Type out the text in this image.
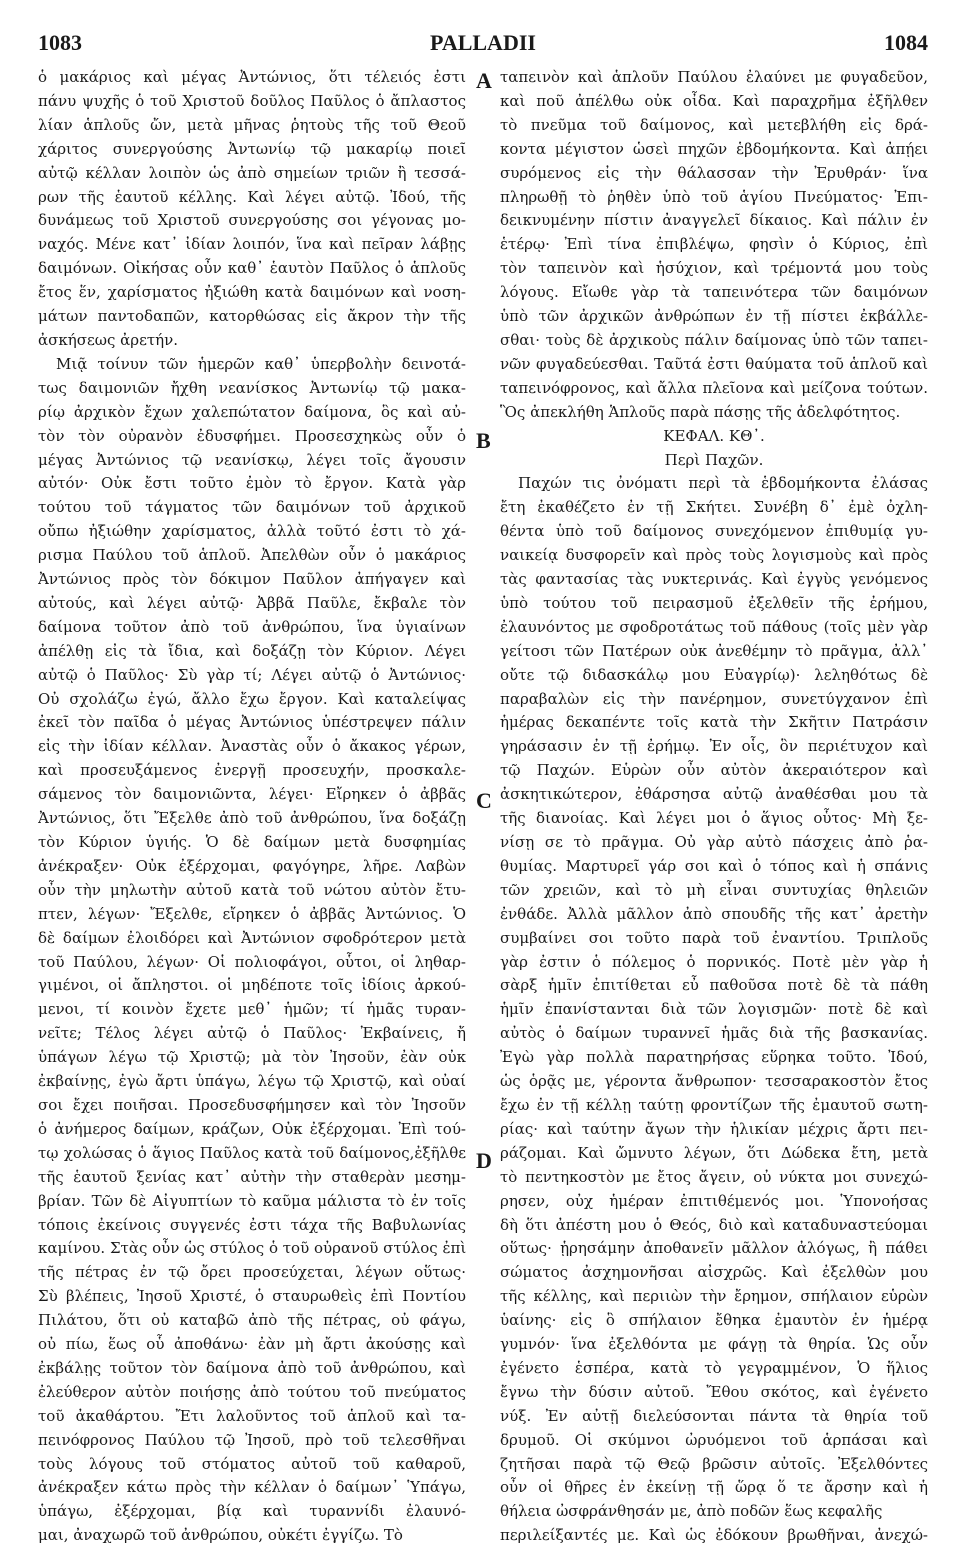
1083	PALLADII	1084
ὁ μακάριος καὶ μέγας Ἀντώνιος, ὅτι τέλειός ἐστι
πάνυ ψυχῆς ὁ τοῦ Χριστοῦ δοῦλος Παῦλος ὁ ἄπλαστος
λίαν ἁπλοῦς ὤν, μετὰ μῆνας ῥητοὺς τῆς τοῦ Θεοῦ
χάριτος συνεργούσης Ἀντωνίῳ τῷ μακαρίῳ ποιεῖ
αὐτῷ κέλλαν λοιπὸν ὡς ἀπὸ σημείων τριῶν ἢ τεσσά-
ρων τῆς ἑαυτοῦ κέλλης. Καὶ λέγει αὐτῷ. Ἰδού, τῆς
δυνάμεως τοῦ Χριστοῦ συνεργούσης σοι γέγονας μο-
ναχός. Μένε κατ᾽ ἰδίαν λοιπόν, ἵνα καὶ πεῖραν λάβῃς
δαιμόνων. Οἰκήσας οὖν καθ᾽ ἑαυτὸν Παῦλος ὁ ἁπλοῦς
ἔτος ἕν, χαρίσματος ἠξιώθη κατὰ δαιμόνων καὶ νοση-
μάτων παντοδαπῶν, κατορθώσας εἰς ἄκρον τὴν τῆς
ἀσκήσεως ἀρετήν.
Μιᾷ τοίνυν τῶν ἡμερῶν καθ᾽ ὑπερβολὴν δεινοτά-
τως δαιμονιῶν ἤχθη νεανίσκος Ἀντωνίῳ τῷ μακα-
ρίῳ ἀρχικὸν ἔχων χαλεπώτατον δαίμονα, ὃς καὶ αὐ-
τὸν τὸν οὐρανὸν ἐδυσφήμει. Προσεσχηκὼς οὖν ὁ
μέγας Ἀντώνιος τῷ νεανίσκῳ, λέγει τοῖς ἄγουσιν
αὐτόν· Οὐκ ἔστι τοῦτο ἐμὸν τὸ ἔργον. Κατὰ γὰρ
τούτου τοῦ τάγματος τῶν δαιμόνων τοῦ ἀρχικοῦ
οὔπω ἠξιώθην χαρίσματος, ἀλλὰ τοῦτό ἐστι τὸ χά-
ρισμα Παύλου τοῦ ἁπλοῦ. Ἀπελθὼν οὖν ὁ μακάριος
Ἀντώνιος πρὸς τὸν δόκιμον Παῦλον ἀπήγαγεν καὶ
αὐτούς, καὶ λέγει αὐτῷ· Ἀββᾶ Παῦλε, ἔκβαλε τὸν
δαίμονα τοῦτον ἀπὸ τοῦ ἀνθρώπου, ἵνα ὑγιαίνων
ἀπέλθῃ εἰς τὰ ἴδια, καὶ δοξάζῃ τὸν Κύριον. Λέγει
αὐτῷ ὁ Παῦλος· Σὺ γὰρ τί; Λέγει αὐτῷ ὁ Ἀντώνιος·
Οὐ σχολάζω ἐγώ, ἄλλο ἔχω ἔργον. Καὶ καταλείψας
ἐκεῖ τὸν παῖδα ὁ μέγας Ἀντώνιος ὑπέστρεψεν πάλιν
εἰς τὴν ἰδίαν κέλλαν. Ἀναστὰς οὖν ὁ ἄκακος γέρων,
καὶ προσευξάμενος ἐνεργῇ προσευχήν, προσκαλε-
σάμενος τὸν δαιμονιῶντα, λέγει· Εἴρηκεν ὁ ἀββᾶς
Ἀντώνιος, ὅτι Ἔξελθε ἀπὸ τοῦ ἀνθρώπου, ἵνα δοξάζῃ
τὸν Κύριον ὑγιής. Ὁ δὲ δαίμων μετὰ δυσφημίας
ἀνέκραξεν· Οὐκ ἐξέρχομαι, φαγόγηρε, λῆρε. Λαβὼν
οὖν τὴν μηλωτὴν αὐτοῦ κατὰ τοῦ νώτου αὐτὸν ἔτυ-
πτεν, λέγων· Ἔξελθε, εἴρηκεν ὁ ἀββᾶς Ἀντώνιος. Ὁ
δὲ δαίμων ἐλοιδόρει καὶ Ἀντώνιον σφοδρότερον μετὰ
τοῦ Παύλου, λέγων· Οἱ πολιοφάγοι, οὗτοι, οἱ ληθαρ-
γιμένοι, οἱ ἄπληστοι. οἱ μηδέποτε τοῖς ἰδίοις ἀρκού-
μενοι, τί κοινὸν ἔχετε μεθ᾽ ἡμῶν; τί ἡμᾶς τυραν-
νεῖτε; Τέλος λέγει αὐτῷ ὁ Παῦλος· Ἐκβαίνεις, ἤ
ὑπάγων λέγω τῷ Χριστῷ; μὰ τὸν Ἰησοῦν, ἐὰν οὐκ
ἐκβαίνῃς, ἐγὼ ἄρτι ὑπάγω, λέγω τῷ Χριστῷ, καὶ οὐαί
σοι ἔχει ποιῆσαι. Προσεδυσφήμησεν καὶ τὸν Ἰησοῦν
ὁ ἀνήμερος δαίμων, κράζων, Οὐκ ἐξέρχομαι. Ἐπὶ τού-
τῳ χολώσας ὁ ἅγιος Παῦλος κατὰ τοῦ δαίμονος,ἐξῆλθε
τῆς ἑαυτοῦ ξενίας κατ᾽ αὐτὴν τὴν σταθερὰν μεσημ-
βρίαν. Τῶν δὲ Αἰγυπτίων τὸ καῦμα μάλιστα τὸ ἐν τοῖς
τόποις ἐκείνοις συγγενές ἐστι τάχα τῆς Βαβυλωνίας
καμίνου. Στὰς οὖν ὡς στύλος ὁ τοῦ οὐρανοῦ στύλος ἐπὶ
τῆς πέτρας ἐν τῷ ὄρει προσεύχεται, λέγων οὕτως·
Σὺ βλέπεις, Ἰησοῦ Χριστέ, ὁ σταυρωθεὶς ἐπὶ Ποντίου
Πιλάτου, ὅτι οὐ καταβῶ ἀπὸ τῆς πέτρας, οὐ φάγω,
οὐ πίω, ἕως οὗ ἀποθάνω· ἐὰν μὴ ἄρτι ἀκούσῃς καὶ
ἐκβάλῃς τοῦτον τὸν δαίμονα ἀπὸ τοῦ ἀνθρώπου, καὶ
ἐλεύθερον αὐτὸν ποιήσῃς ἀπὸ τούτου τοῦ πνεύματος
τοῦ ἀκαθάρτου. Ἔτι λαλοῦντος τοῦ ἁπλοῦ καὶ τα-
πεινόφρονος Παύλου τῷ Ἰησοῦ, πρὸ τοῦ τελεσθῆναι
τοὺς λόγους τοῦ στόματος αὐτοῦ τοῦ καθαροῦ,
ἀνέκραξεν κάτω πρὸς τὴν κέλλαν ὁ δαίμων᾽ Ὑπάγω,
ὑπάγω, ἐξέρχομαι, βίᾳ καὶ τυραννίδι ἐλαυνό-
μαι, ἀναχωρῶ τοῦ ἀνθρώπου, οὐκέτι ἐγγίζω. Τὸ
ταπεινὸν καὶ ἁπλοῦν Παύλου ἐλαύνει με φυγαδεῦον,
καὶ ποῦ ἀπέλθω οὐκ οἶδα. Καὶ παραχρῆμα ἐξῆλθεν
τὸ πνεῦμα τοῦ δαίμονος, καὶ μετεβλήθη εἰς δρά-
κοντα μέγιστον ὡσεὶ πηχῶν ἑβδομήκοντα. Καὶ ἀπῄει
συρόμενος εἰς τὴν θάλασσαν τὴν Ἐρυθράν· ἵνα
πληρωθῇ τὸ ῥηθὲν ὑπὸ τοῦ ἁγίου Πνεύματος· Ἐπι-
δεικνυμένην πίστιν ἀναγγελεῖ δίκαιος. Καὶ πάλιν ἐν
ἑτέρῳ· Ἐπὶ τίνα ἐπιβλέψω, φησὶν ὁ Κύριος, ἐπὶ
τὸν ταπεινὸν καὶ ἡσύχιον, καὶ τρέμοντά μου τοὺς
λόγους. Εἴωθε γὰρ τὰ ταπεινότερα τῶν δαιμόνων
ὑπὸ τῶν ἀρχικῶν ἀνθρώπων ἐν τῇ πίστει ἐκβάλλε-
σθαι· τοὺς δὲ ἀρχικοὺς πάλιν δαίμονας ὑπὸ τῶν ταπει-
νῶν φυγαδεύεσθαι. Ταῦτά ἐστι θαύματα τοῦ ἁπλοῦ καὶ
ταπεινόφρονος, καὶ ἄλλα πλεῖονα καὶ μείζονα τούτων.
Ὃς ἀπεκλήθη Ἁπλοῦς παρὰ πάσῃς τῆς ἀδελφότητος.
ΚΕΦΑΛ. ΚΘ᾽.
Περὶ Παχῶν.
Παχών τις ὀνόματι περὶ τὰ ἑβδομήκοντα ἐλάσας
ἔτη ἐκαθέζετο ἐν τῇ Σκήτει. Συνέβη δ᾽ ἐμὲ ὀχλη-
θέντα ὑπὸ τοῦ δαίμονος συνεχόμενον ἐπιθυμίᾳ γυ-
ναικείᾳ δυσφορεῖν καὶ πρὸς τοὺς λογισμοὺς καὶ πρὸς
τὰς φαντασίας τὰς νυκτερινάς. Καὶ ἐγγὺς γενόμενος
ὑπὸ τούτου τοῦ πειρασμοῦ ἐξελθεῖν τῆς ἐρήμου,
ἐλαυνόντος με σφοδροτάτως τοῦ πάθους (τοῖς μὲν γὰρ
γείτοσι τῶν Πατέρων οὐκ ἀνεθέμην τὸ πρᾶγμα, ἀλλ᾽
οὔτε τῷ διδασκάλῳ μου Εὐαγρίῳ)· λεληθότως δὲ
παραβαλὼν εἰς τὴν πανέρημον, συνετύγχανον ἐπὶ
ἡμέρας δεκαπέντε τοῖς κατὰ τὴν Σκῆτιν Πατράσιν
γηράσασιν ἐν τῇ ἐρήμῳ. Ἐν οἷς, ὃν περιέτυχον καὶ
τῷ Παχών. Εὑρὼν οὖν αὐτὸν ἀκεραιότερον καὶ
ἀσκητικώτερον, ἐθάρσησα αὐτῷ ἀναθέσθαι μου τὰ
τῆς διανοίας. Καὶ λέγει μοι ὁ ἅγιος οὗτος· Μὴ ξε-
νίσῃ σε τὸ πρᾶγμα. Οὐ γὰρ αὐτὸ πάσχεις ἀπὸ ῥα-
θυμίας. Μαρτυρεῖ γάρ σοι καὶ ὁ τόπος καὶ ἡ σπάνις
τῶν χρειῶν, καὶ τὸ μὴ εἶναι συντυχίας θηλειῶν
ἐνθάδε. Ἀλλὰ μᾶλλον ἀπὸ σπουδῆς τῆς κατ᾽ ἀρετὴν
συμβαίνει σοι τοῦτο παρὰ τοῦ ἐναντίου. Τριπλοῦς
γὰρ ἐστιν ὁ πόλεμος ὁ πορνικός. Ποτὲ μὲν γὰρ ἡ
σὰρξ ἡμῖν ἐπιτίθεται εὖ παθοῦσα ποτὲ δὲ τὰ πάθη
ἡμῖν ἐπανίστανται διὰ τῶν λογισμῶν· ποτὲ δὲ καὶ
αὐτὸς ὁ δαίμων τυραννεῖ ἡμᾶς διὰ τῆς βασκανίας.
Ἐγὼ γὰρ πολλὰ παρατηρήσας εὕρηκα τοῦτο. Ἰδού,
ὡς ὁρᾷς με, γέροντα ἄνθρωπον· τεσσαρακοστὸν ἔτος
ἔχω ἐν τῇ κέλλῃ ταύτῃ φροντίζων τῆς ἐμαυτοῦ σωτη-
ρίας· καὶ ταύτην ἄγων τὴν ἡλικίαν μέχρις ἄρτι πει-
ράζομαι. Καὶ ὤμνυτο λέγων, ὅτι Δώδεκα ἔτη, μετὰ
τὸ πεντηκοστὸν με ἔτος ἄγειν, οὐ νύκτα μοι συνεχώ-
ρησεν, οὐχ ἡμέραν ἐπιτιθέμενός μοι. Ὑπονοήσας
δὴ ὅτι ἀπέστη μου ὁ Θεός, διὸ καὶ καταδυναστεύομαι
οὕτως· ᾑρησάμην ἀποθανεῖν μᾶλλον ἀλόγως, ἢ πάθει
σώματος ἀσχημονῆσαι αἰσχρῶς. Καὶ ἐξελθὼν μου
τῆς κέλλης, καὶ περιιὼν τὴν ἔρημον, σπήλαιον εὑρὼν
ὑαίνης· εἰς ὃ σπήλαιον ἔθηκα ἐμαυτὸν ἐν ἡμέρᾳ
γυμνόν· ἵνα ἐξελθόντα με φάγῃ τὰ θηρία. Ὡς οὖν
ἐγένετο ἑσπέρα, κατὰ τὸ γεγραμμένον, Ὁ ἥλιος
ἔγνω τὴν δύσιν αὐτοῦ. Ἔθου σκότος, καὶ ἐγένετο
νύξ. Ἐν αὐτῇ διελεύσονται πάντα τὰ θηρία τοῦ
δρυμοῦ. Οἱ σκύμνοι ὠρυόμενοι τοῦ ἁρπάσαι καὶ
ζητῆσαι παρὰ τῷ Θεῷ βρῶσιν αὐτοῖς. Ἐξελθόντες
οὖν οἱ θῆρες ἐν ἐκείνῃ τῇ ὥρᾳ ὅ τε ἄρσην καὶ ἡ
θήλεια ὠσφράνθησάν με, ἀπὸ ποδῶν ἕως κεφαλῆς
περιλείξαντές με. Καὶ ὡς ἐδόκουν βρωθῆναι, ἀνεχώ-
A
B
C
D
